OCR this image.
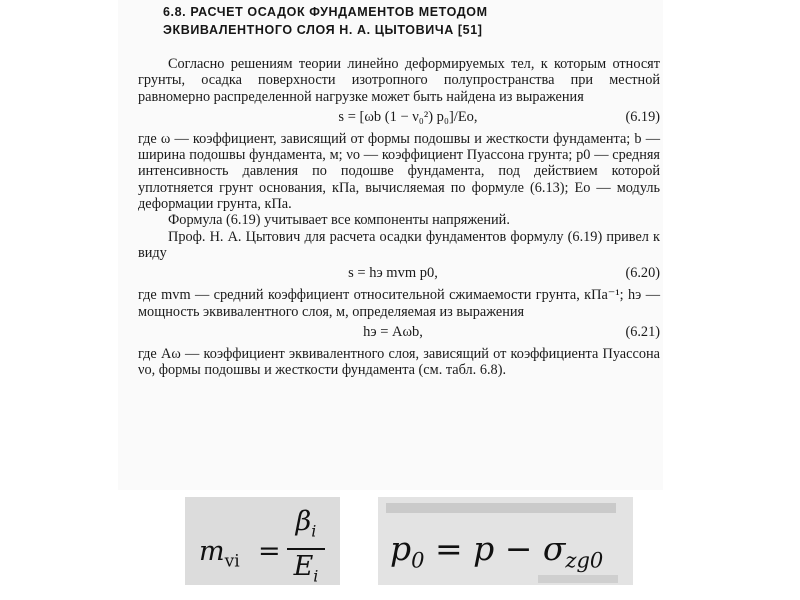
6.8. РАСЧЕТ ОСАДОК ФУНДАМЕНТОВ МЕТОДОМ
ЭКВИВАЛЕНТНОГО СЛОЯ Н. А. ЦЫТОВИЧА [51]

Согласно решениям теории линейно деформируемых тел, к которым относят грунты, осадка поверхности изотропного полупространства при местной равномерно распределенной нагрузке может быть найдена из выражения

s = [ωb (1 − ν₀²) p₀]/Eо,	(6.19)

где ω — коэффициент, зависящий от формы подошвы и жесткости фундамента; b — ширина подошвы фундамента, м; νо — коэффициент Пуассона грунта; p0 — средняя интенсивность давления по подошве фундамента, под действием которой уплотняется грунт основания, кПа, вычисляемая по формуле (6.13); Eо — модуль деформации грунта, кПа.

Формула (6.19) учитывает все компоненты напряжений.

Проф. Н. А. Цытович для расчета осадки фундаментов формулу (6.19) привел к виду

s = hэ mvm p0,	(6.20)

где mvm — средний коэффициент относительной сжимаемости грунта, кПа⁻¹; hэ — мощность эквивалентного слоя, м, определяемая из выражения

hэ = Aωb,	(6.21)

где Aω — коэффициент эквивалентного слоя, зависящий от коэффициента Пуассона νо, формы подошвы и жесткости фундамента (см. табл. 6.8).

$m_{vi} = \frac{\beta_i}{E_i} p_0 = p - \sigma_{zg0}$
